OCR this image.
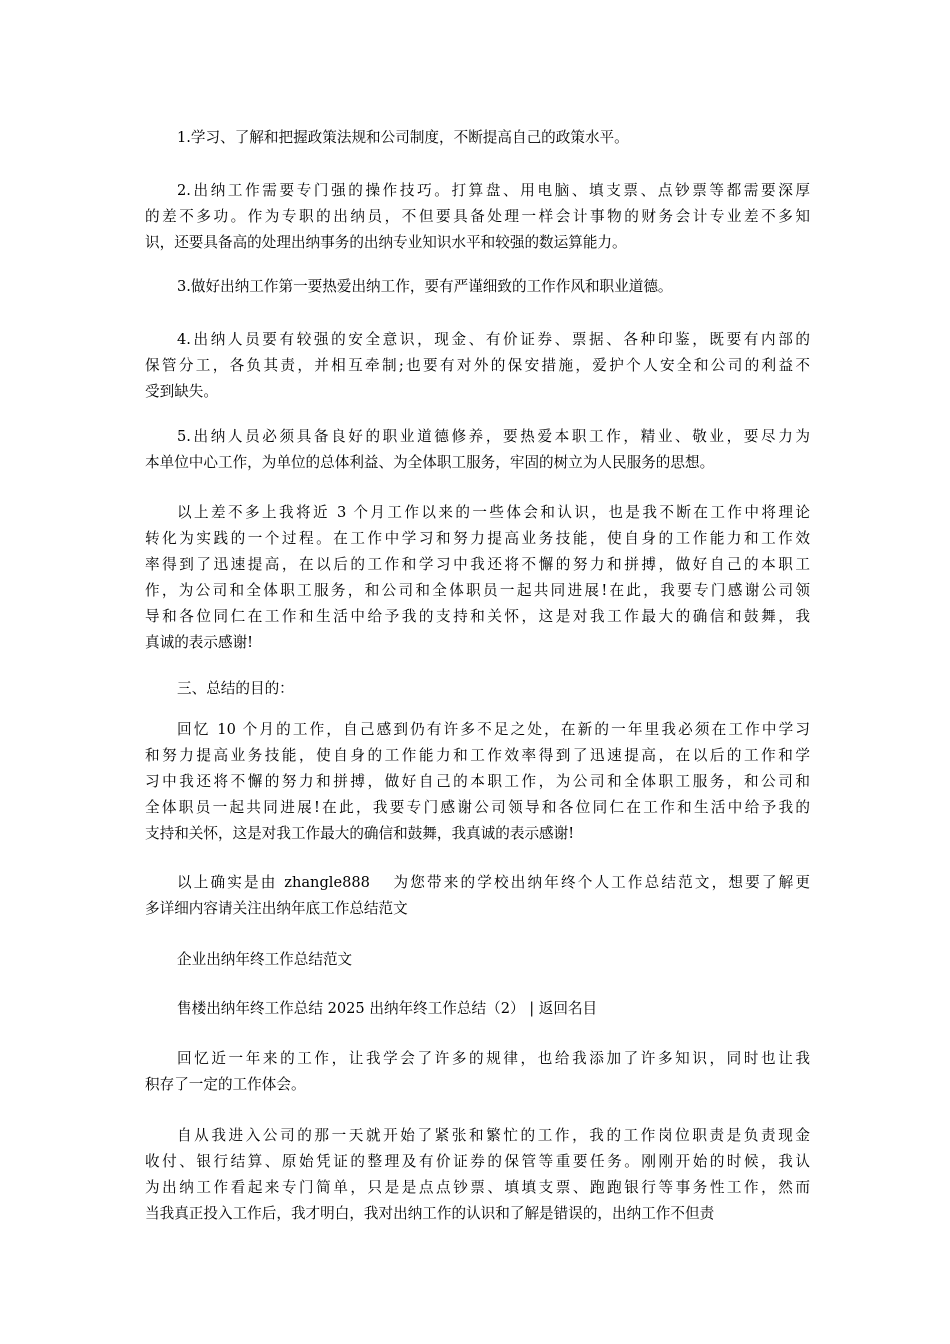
1.学习、了解和把握政策法规和公司制度，不断提高自己的政策水平。
2.出纳工作需要专门强的操作技巧。打算盘、用电脑、填支票、点钞票等都需要深厚
的差不多功。作为专职的出纳员，不但要具备处理一样会计事物的财务会计专业差不多知
识，还要具备高的处理出纳事务的出纳专业知识水平和较强的数运算能力。
3.做好出纳工作第一要热爱出纳工作，要有严谨细致的工作作风和职业道德。
4.出纳人员要有较强的安全意识，现金、有价证券、票据、各种印鉴，既要有内部的
保管分工，各负其责，并相互牵制;也要有对外的保安措施，爱护个人安全和公司的利益不
受到缺失。
5.出纳人员必须具备良好的职业道德修养，要热爱本职工作，精业、敬业，要尽力为
本单位中心工作，为单位的总体利益、为全体职工服务，牢固的树立为人民服务的思想。
以上差不多上我将近 3 个月工作以来的一些体会和认识，也是我不断在工作中将理论
转化为实践的一个过程。在工作中学习和努力提高业务技能，使自身的工作能力和工作效
率得到了迅速提高，在以后的工作和学习中我还将不懈的努力和拼搏，做好自己的本职工
作，为公司和全体职工服务，和公司和全体职员一起共同进展!在此，我要专门感谢公司领
导和各位同仁在工作和生活中给予我的支持和关怀，这是对我工作最大的确信和鼓舞，我
真诚的表示感谢!
三、总结的目的：
回忆 10 个月的工作，自己感到仍有许多不足之处，在新的一年里我必须在工作中学习
和努力提高业务技能，使自身的工作能力和工作效率得到了迅速提高，在以后的工作和学
习中我还将不懈的努力和拼搏，做好自己的本职工作，为公司和全体职工服务，和公司和
全体职员一起共同进展!在此，我要专门感谢公司领导和各位同仁在工作和生活中给予我的
支持和关怀，这是对我工作最大的确信和鼓舞，我真诚的表示感谢!
以上确实是由 zhangle888 　为您带来的学校出纳年终个人工作总结范文，想要了解更
多详细内容请关注出纳年底工作总结范文
企业出纳年终工作总结范文
售楼出纳年终工作总结 2025 出纳年终工作总结（2） | 返回名目
回忆近一年来的工作，让我学会了许多的规律，也给我添加了许多知识，同时也让我
积存了一定的工作体会。
自从我进入公司的那一天就开始了紧张和繁忙的工作，我的工作岗位职责是负责现金
收付、银行结算、原始凭证的整理及有价证券的保管等重要任务。刚刚开始的时候，我认
为出纳工作看起来专门简单，只是是点点钞票、填填支票、跑跑银行等事务性工作，然而
当我真正投入工作后，我才明白，我对出纳工作的认识和了解是错误的，出纳工作不但责
